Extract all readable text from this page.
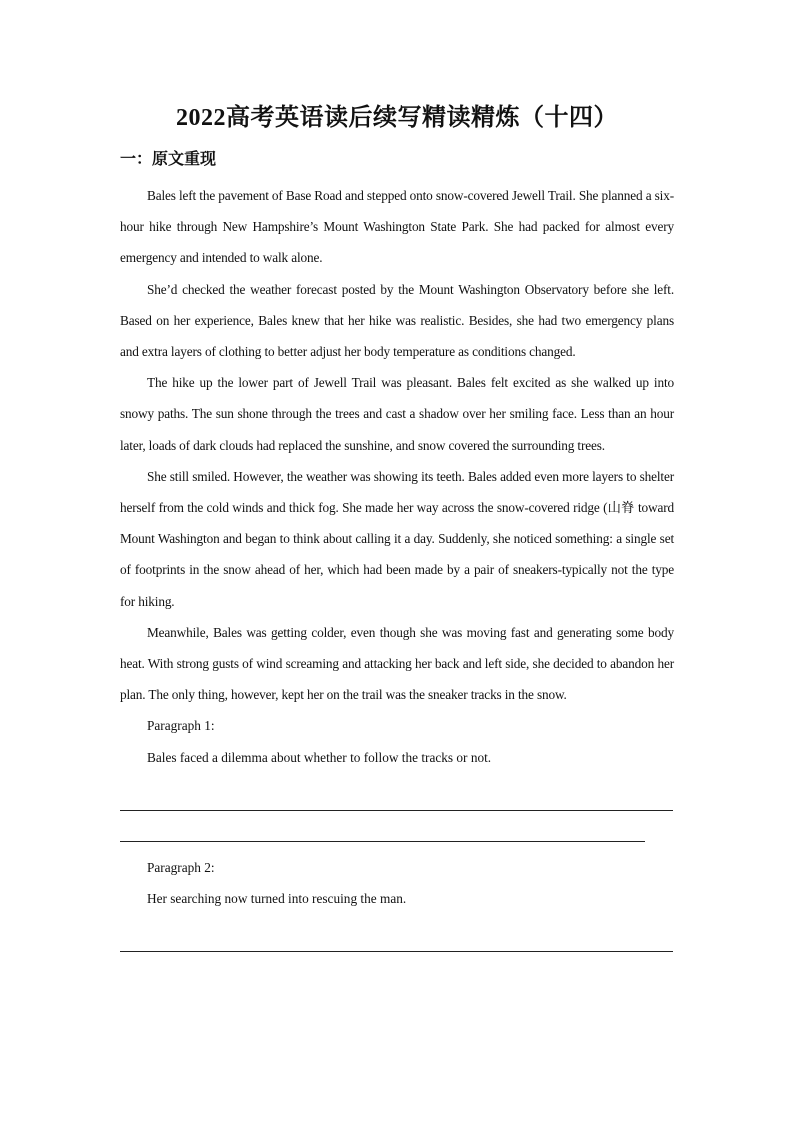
2022高考英语读后续写精读精炼（十四）
一：原文重现

Bales left the pavement of Base Road and stepped onto snow-covered Jewell Trail. She planned a six-hour hike through New Hampshire’s Mount Washington State Park. She had packed for almost every emergency and intended to walk alone.

She’d checked the weather forecast posted by the Mount Washington Observatory before she left. Based on her experience, Bales knew that her hike was realistic. Besides, she had two emergency plans and extra layers of clothing to better adjust her body temperature as conditions changed.

The hike up the lower part of Jewell Trail was pleasant. Bales felt excited as she walked up into snowy paths. The sun shone through the trees and cast a shadow over her smiling face. Less than an hour later, loads of dark clouds had replaced the sunshine, and snow covered the surrounding trees.

She still smiled. However, the weather was showing its teeth. Bales added even more layers to shelter herself from the cold winds and thick fog. She made her way across the snow-covered ridge (山脊 toward Mount Washington and began to think about calling it a day. Suddenly, she noticed something: a single set of footprints in the snow ahead of her, which had been made by a pair of sneakers-typically not the type for hiking.

Meanwhile, Bales was getting colder, even though she was moving fast and generating some body heat. With strong gusts of wind screaming and attacking her back and left side, she decided to abandon her plan. The only thing, however, kept her on the trail was the sneaker tracks in the snow.

Paragraph 1:

Bales faced a dilemma about whether to follow the tracks or not.

Paragraph 2:

Her searching now turned into rescuing the man.
